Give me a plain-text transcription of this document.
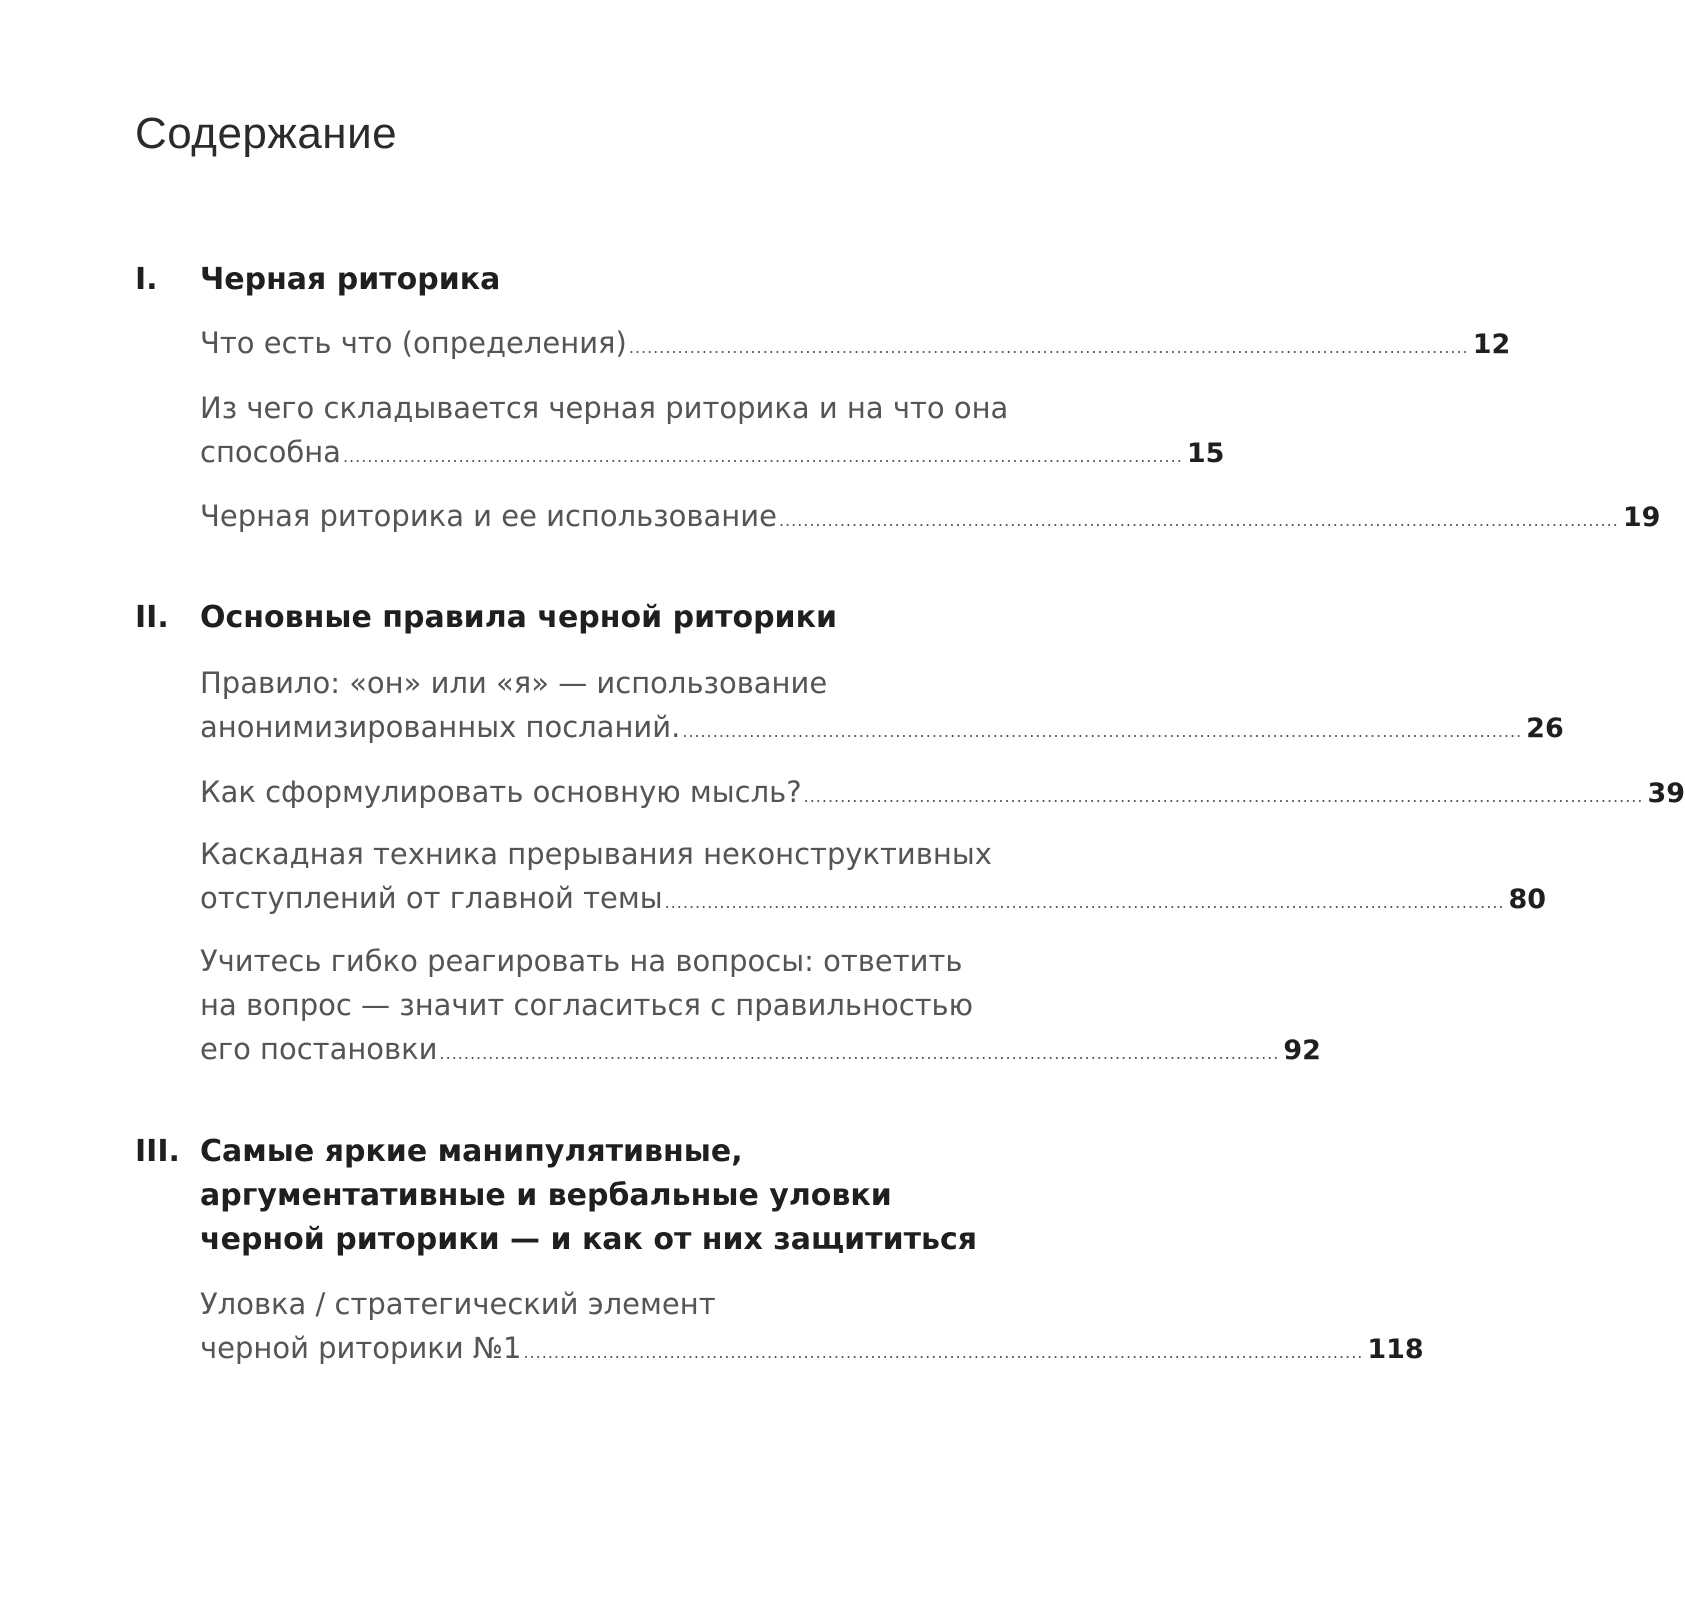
Содержание
I. Черная риторика
Что есть что (определения) .......................................................................................................................................... 12
Из чего складывается черная риторика и на что она
способна .......................................................................................................................................... 15
Черная риторика и ее использование .......................................................................................................................................... 19
II. Основные правила черной риторики
Правило: «он» или «я» — использование
анонимизированных посланий. .......................................................................................................................................... 26
Как сформулировать основную мысль? .......................................................................................................................................... 39
Каскадная техника прерывания неконструктивных
отступлений от главной темы .......................................................................................................................................... 80
Учитесь гибко реагировать на вопросы: ответить
на вопрос — значит согласиться с правильностью
его постановки .......................................................................................................................................... 92
III. Самые яркие манипулятивные,
аргументативные и вербальные уловки
черной риторики — и как от них защититься
Уловка / стратегический элемент
черной риторики №1 .......................................................................................................................................... 118
